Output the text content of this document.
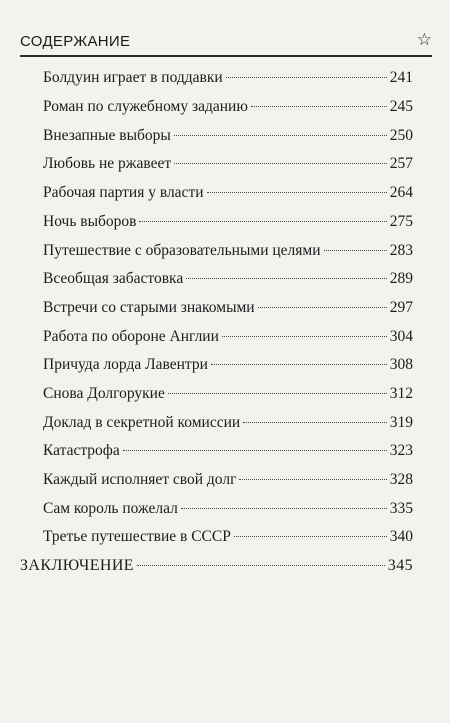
СОДЕРЖАНИЕ	☆
Болдуин играет в поддавки	241
Роман по служебному заданию	245
Внезапные выборы	250
Любовь не ржавеет	257
Рабочая партия у власти	264
Ночь выборов	275
Путешествие с образовательными целями	283
Всеобщая забастовка	289
Встречи со старыми знакомыми	297
Работа по обороне Англии	304
Причуда лорда Лавентри	308
Снова Долгорукие	312
Доклад в секретной комиссии	319
Катастрофа	323
Каждый исполняет свой долг	328
Сам король пожелал	335
Третье путешествие в СССР	340
ЗАКЛЮЧЕНИЕ	345
